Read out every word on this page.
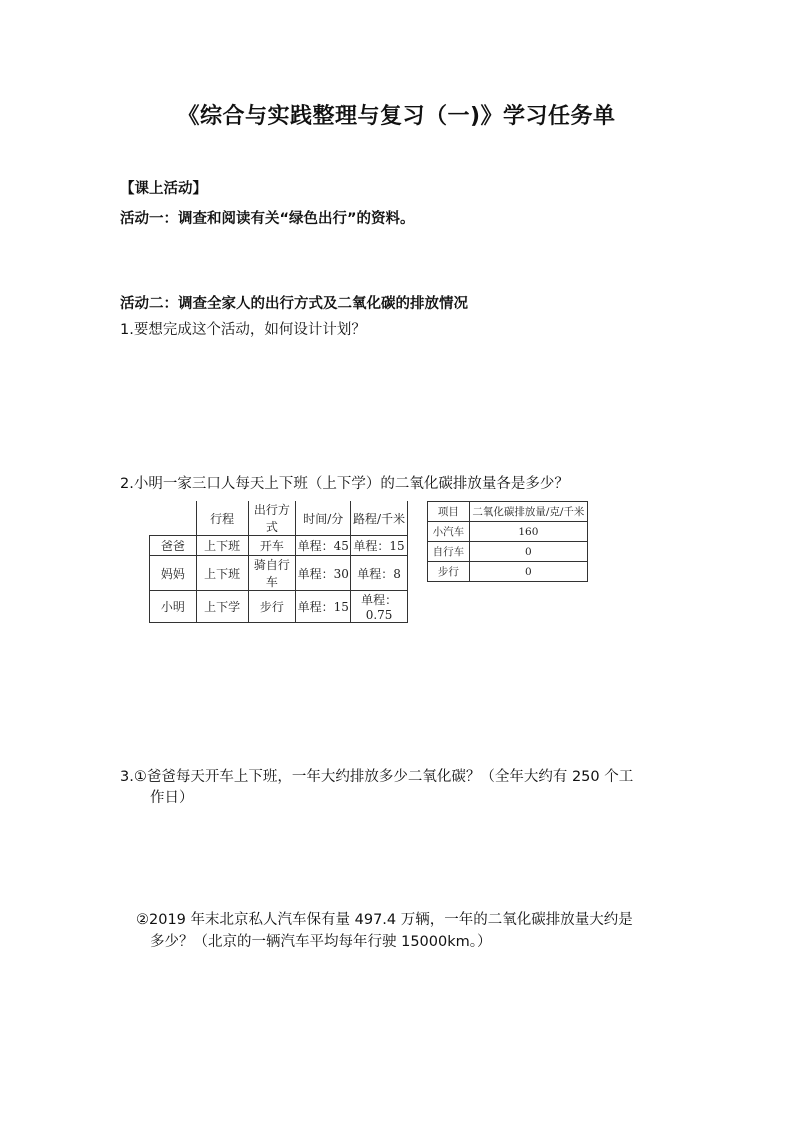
《综合与实践整理与复习（一)》学习任务单
【课上活动】
活动一：调查和阅读有关“绿色出行”的资料。
活动二：调查全家人的出行方式及二氧化碳的排放情况
1.要想完成这个活动，如何设计计划？
2.小明一家三口人每天上下班（上下学）的二氧化碳排放量各是多少？
	行程	出行方式	时间/分	路程/千米
爸爸	上下班	开车	单程：45	单程：15
妈妈	上下班	骑自行车	单程：30	单程：8
小明	上下学	步行	单程：15	单程：0.75
项目	二氧化碳排放量/克/千米
小汽车	160
自行车	0
步行	0
3.①爸爸每天开车上下班，一年大约排放多少二氧化碳？（全年大约有 250 个工
作日）
②2019 年末北京私人汽车保有量 497.4 万辆，一年的二氧化碳排放量大约是
多少？（北京的一辆汽车平均每年行驶 15000km。）
